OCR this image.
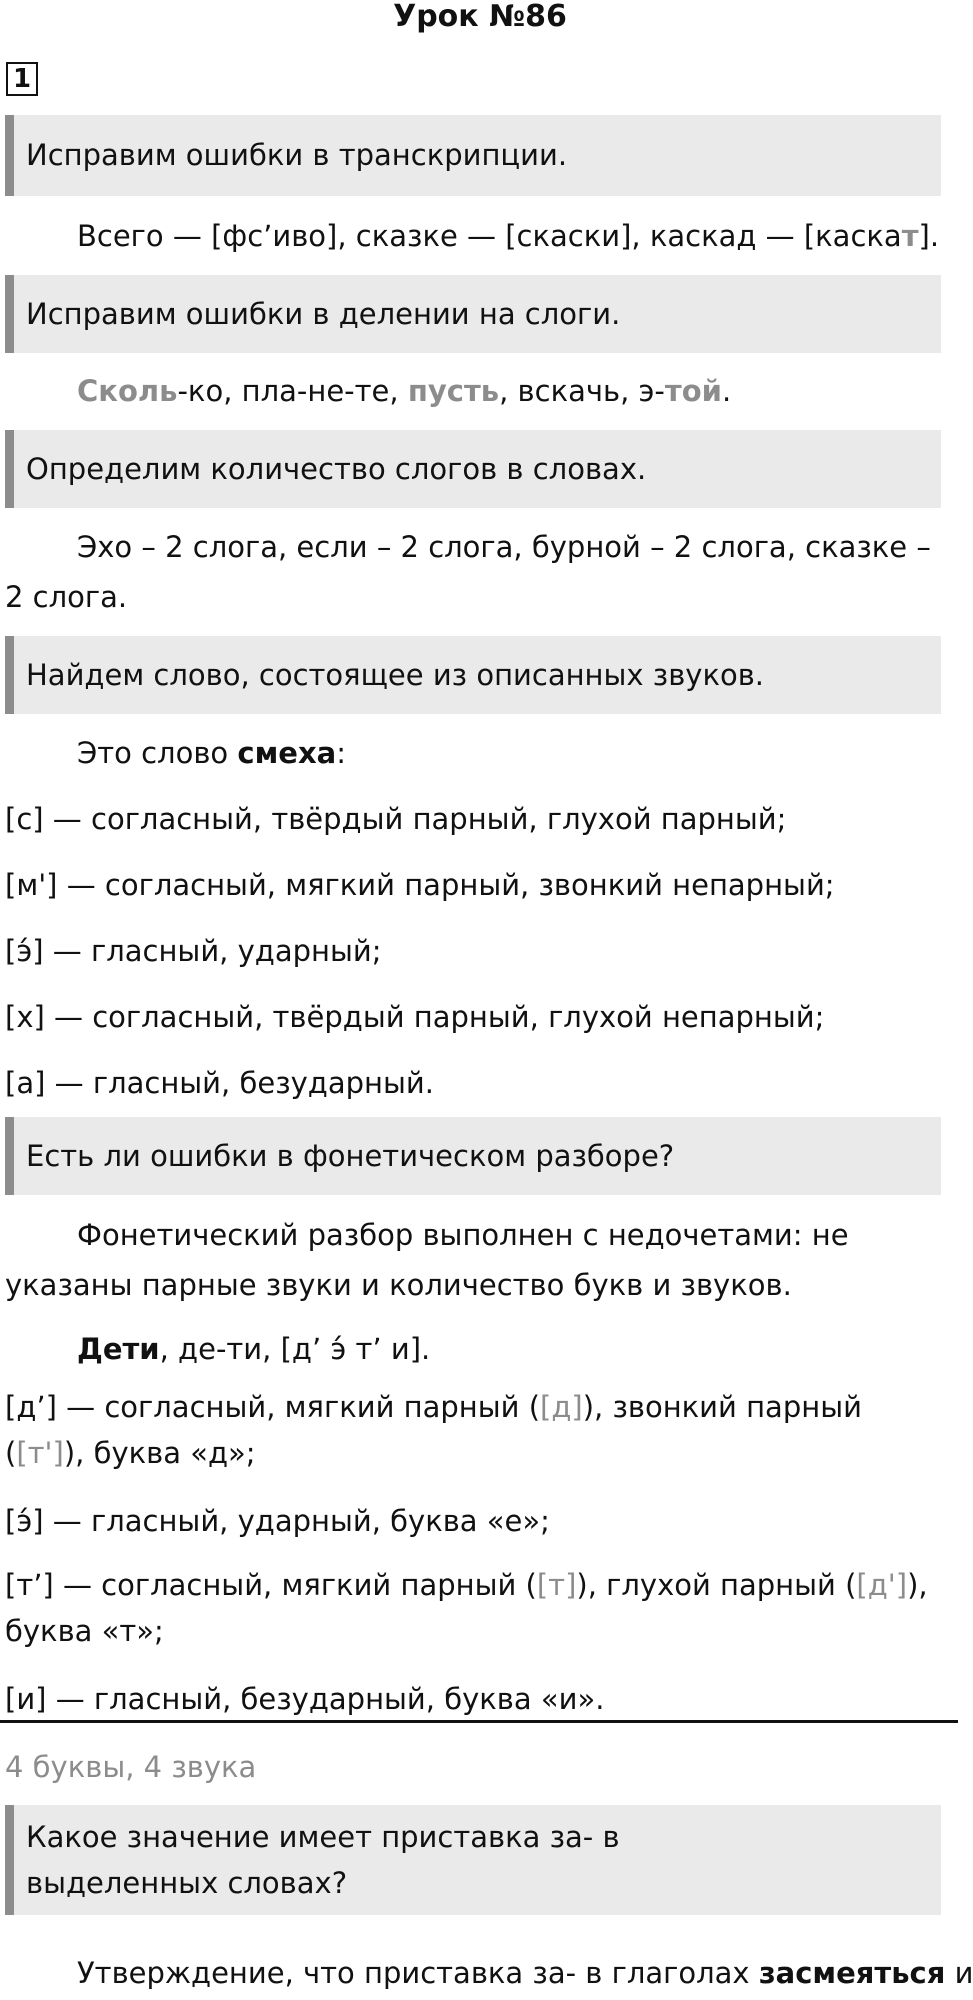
Урок №86
1
Исправим ошибки в транскрипции.
Всего — [фс’иво], сказке — [скаски], каскад — [каскат].
Исправим ошибки в делении на слоги.
Сколь-ко, пла-не-те, пусть, вскачь, э-той.
Определим количество слогов в словах.
Эхо – 2 слога, если – 2 слога, бурной – 2 слога, сказке – 2 слога.
Найдем слово, состоящее из описанных звуков.
Это слово смеха:
[с] — согласный, твёрдый парный, глухой парный;
[м'] — согласный, мягкий парный, звонкий непарный;
[э́] — гласный, ударный;
[х] — согласный, твёрдый парный, глухой непарный;
[а] — гласный, безударный.
Есть ли ошибки в фонетическом разборе?
Фонетический разбор выполнен с недочетами: не указаны парные звуки и количество букв и звуков.
Дети, де-ти, [д’ э́ т’ и].
[д’] — согласный, мягкий парный ([д]), звонкий парный ([т']), буква «д»;
[э́] — гласный, ударный, буква «е»;
[т’] — согласный, мягкий парный ([т]), глухой парный ([д']), буква «т»;
[и] — гласный, безударный, буква «и».
4 буквы, 4 звука
Какое значение имеет приставка за- в выделенных словах?
Утверждение, что приставка за- в глаголах засмеяться и
